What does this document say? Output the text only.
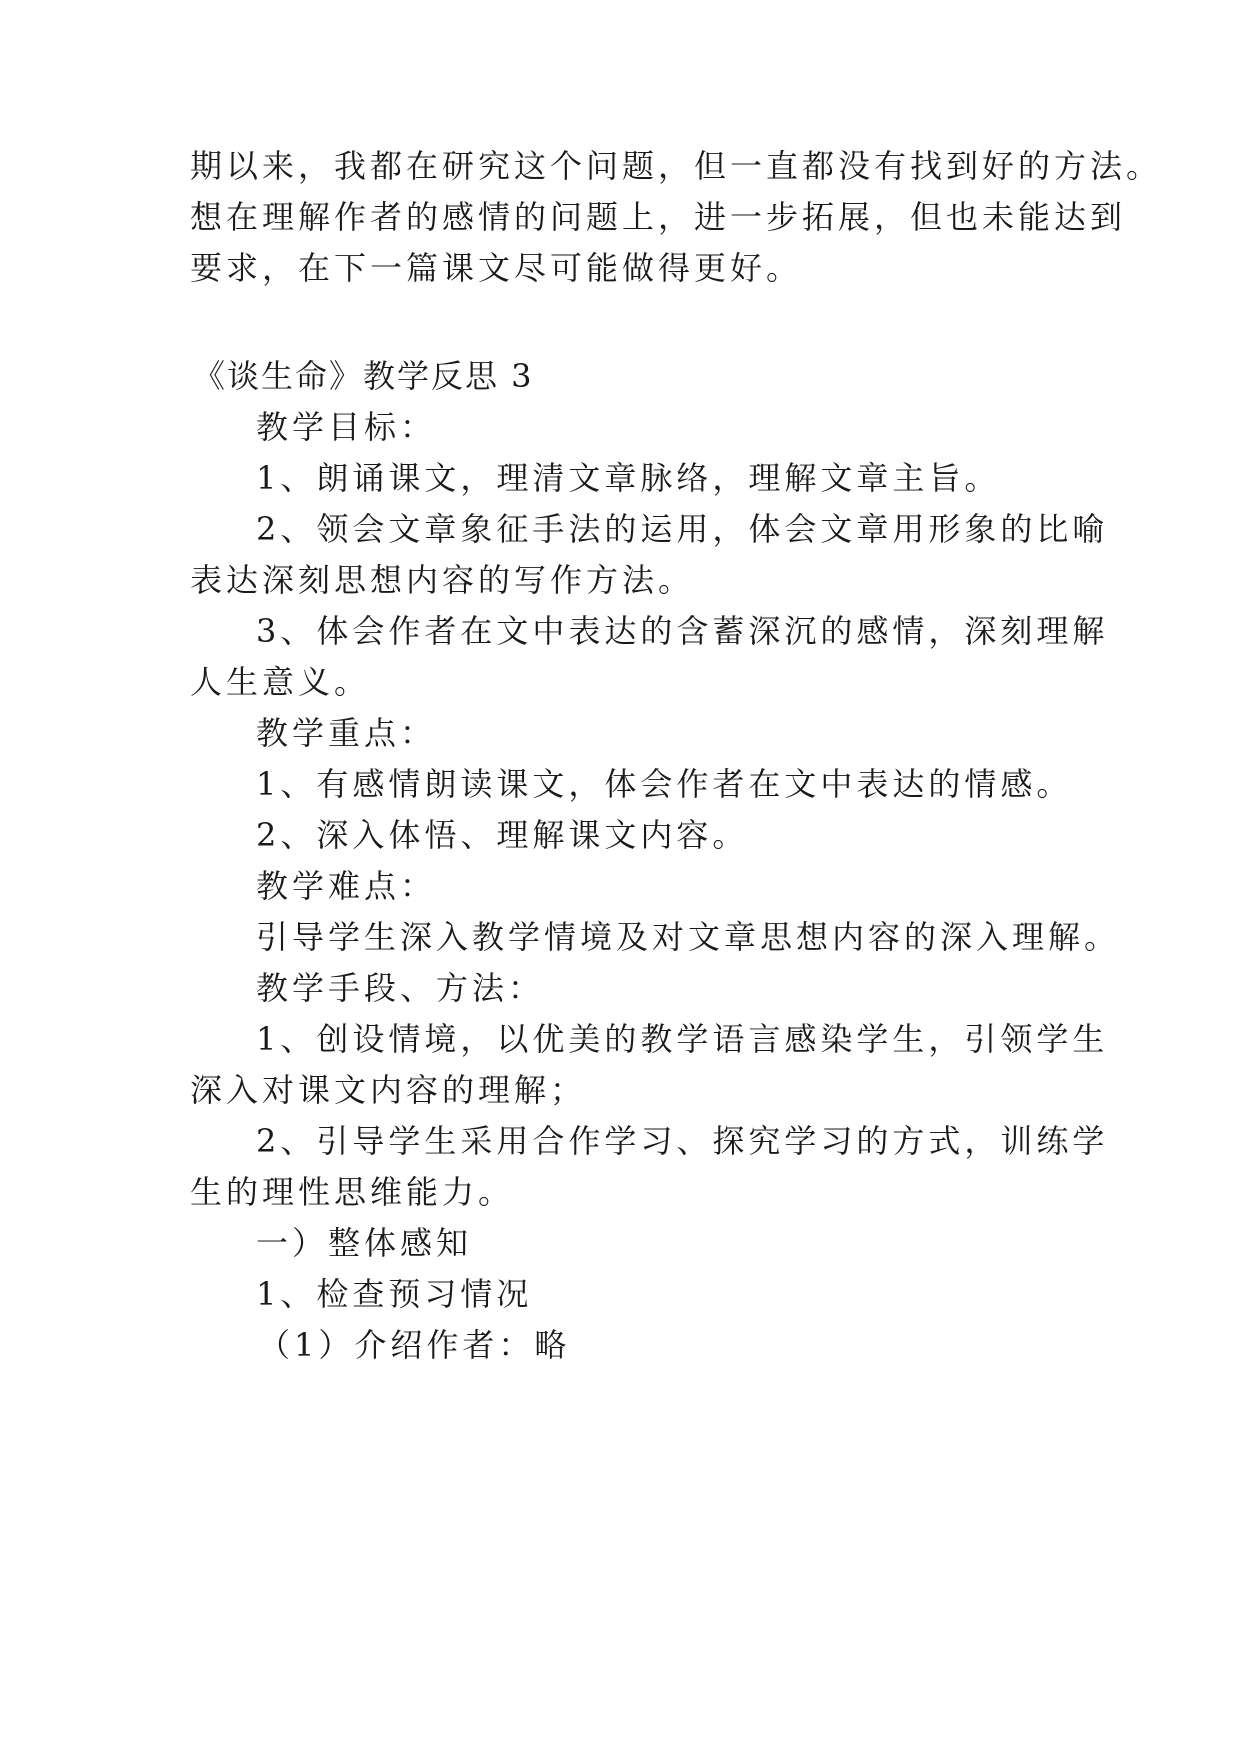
期以来，我都在研究这个问题，但一直都没有找到好的方法。
想在理解作者的感情的问题上，进一步拓展，但也未能达到
要求，在下一篇课文尽可能做得更好。
《谈生命》教学反思 3
教学目标：
1、朗诵课文，理清文章脉络，理解文章主旨。
2、领会文章象征手法的运用，体会文章用形象的比喻
表达深刻思想内容的写作方法。
3、体会作者在文中表达的含蓄深沉的感情，深刻理解
人生意义。
教学重点：
1、有感情朗读课文，体会作者在文中表达的情感。
2、深入体悟、理解课文内容。
教学难点：
引导学生深入教学情境及对文章思想内容的深入理解。
教学手段、方法：
1、创设情境，以优美的教学语言感染学生，引领学生
深入对课文内容的理解；
2、引导学生采用合作学习、探究学习的方式，训练学
生的理性思维能力。
一）整体感知
1、检查预习情况
（1）介绍作者：略
